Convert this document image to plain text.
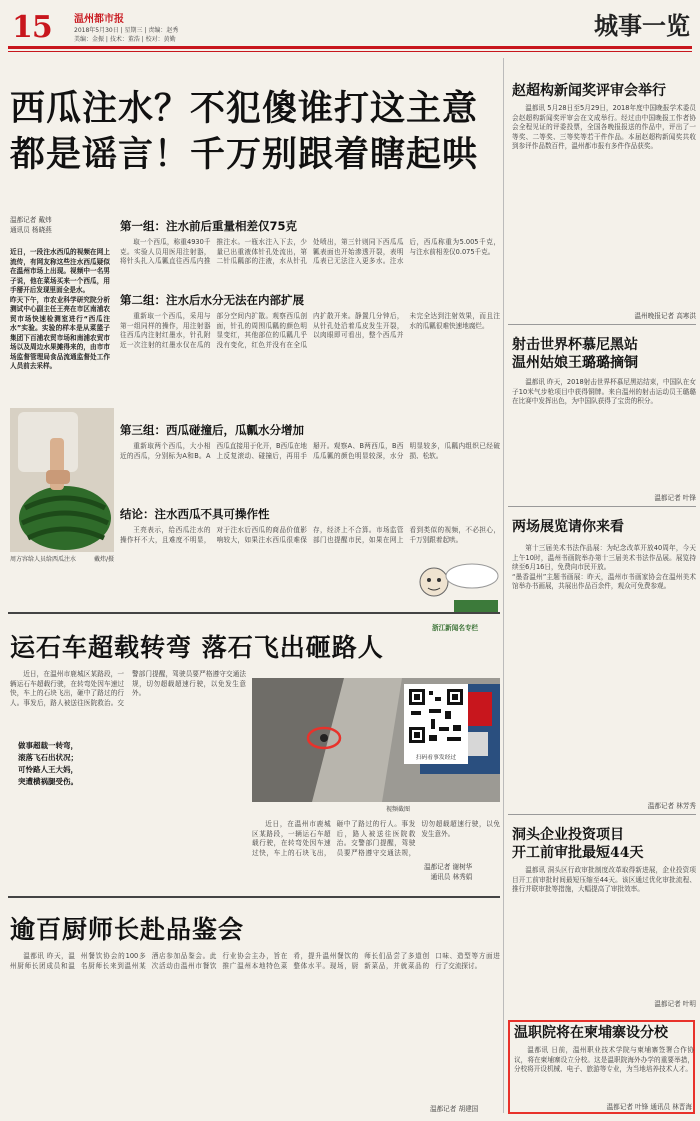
15 温州都市报
2018年5月30日 | 星期三 | 责编：赵秀
美编：金振 | 技术：董浩 | 校对：黄勤	城事一览
西瓜注水？不犯傻谁打这主意
都是谣言！千万别跟着瞎起哄
温都记者 戴炜
通讯员 杨晓燕
近日，一段注水西瓜的视频在网上流传，有网友称这些注水西瓜疑似在温州市场上出现。视频中一名男子说，他在菜场买来一个西瓜，用手掰开后发现里面全是水。
昨天下午，市农业科学研究院分析测试中心副主任王亮在市区南浦农贸市场快速检测室进行“西瓜注水”实验。实验的样本是从菜篮子集团下百浦农贸市场和南浦农贸市场以及周边水果摊得来的，由市市场监督管理局食品流通监督处工作人员前去采样。
周方容给人员给西瓜注水	戴炜/摄
第一组：注水前后重量相差仅75克
取一个西瓜，称重4930千克。实验人员用医用注射器，将针头扎入瓜瓤直往西瓜内推推注水。一瓶水注入下去，少量已出重液体针孔处流出，第二针瓜瓤部的注液，水从针孔处喷出，第三针则同下西瓜瓜瓤表面也开始渗透开裂，表明瓜表已无法注入更多水。注水后，西瓜称重为5.005千克，与注水前相差仅0.075千克。
第二组：注水后水分无法在内部扩展
重新取一个西瓜，采用与第一组同样的操作，用注射器往西瓜内注射红墨水，针孔附近一次注射的红墨水仅在瓜的部分空间内扩散。观察西瓜剖面，针孔的周围瓜瓤的颜色明显变红，其他部位的瓜瓤几乎没有变化，红色并没有在全瓜内扩散开来。静置几分钟后，从针孔处沿着瓜皮发生开裂，以肉眼即可看出，整个西瓜并未完全达到注射效果，而且注水的瓜瓤很难快速地腐烂。
第三组：西瓜碰撞后，瓜瓤水分增加
重新取两个西瓜，大小相近的西瓜，分别标为A和B。A西瓜直接用于化开，B西瓜在地上反复滚动、碰撞后，再用手掰开。观察A、B两西瓜，B西瓜瓜瓤的颜色明显较深，水分明显较多，瓜瓤内组织已经破损、松软。
结论：注水西瓜不具可操作性
王亮表示，给西瓜注水的操作杆不大，且难度不明显，对于注水后西瓜的商品价值影响较大，如果注水西瓜很难保存，经济上不合算。市场监管部门也提醒市民，如果在网上看到类似的视频，不必担心，千万别跟着起哄。
浙江新闻名专栏
运石车超载转弯 落石飞出砸路人
近日，在温州市鹿城区某路段，一辆运石车超载行驶，在转弯处因车速过快，车上的石块飞出，砸中了路过的行人。事发后，路人被送往医院救治。交警部门提醒，驾驶员要严格遵守交通法规，切勿超载超速行驶，以免发生意外。
做事超载一转弯，
滚落飞石出状况；
可怜路人王大妈，
突遭横祸腿受伤。
扫码看事发经过
视频截图
近日，在温州市鹿城区某路段，一辆运石车超载行驶，在转弯处因车速过快，车上的石块飞出，砸中了路过的行人。事发后，路人被送往医院救治。交警部门提醒，驾驶员要严格遵守交通法规，切勿超载超速行驶，以免发生意外。
温都记者 谢树华
通讯员 林秀娟
逾百厨师长赴品鉴会
温都讯 昨天，温州厨师长团成员和温州餐饮协会的100多名厨师长来到温州某酒店参加品鉴会。此次活动由温州市餐饮行业协会主办，旨在推广温州本地特色菜肴，提升温州餐饮的整体水平。现场，厨师长们品尝了多道创新菜品，并就菜品的口味、造型等方面进行了交流探讨。
温都记者 胡建国
赵超构新闻奖评审会举行
温都讯 5月28日至5月29日，2018年度中国晚报学术委员会赵超构新闻奖评审会在文成举行。经过由中国晚报工作者协会全程见证的评委投票，全国各晚报报送的作品中，评出了一等奖、二等奖、三等奖等若干件作品。本届赵超构新闻奖共收到参评作品数百件，温州都市报有多件作品获奖。
温州晚报记者 高寒洪
射击世界杯慕尼黑站
温州姑娘王璐璐摘铜
温都讯 昨天，2018射击世界杯慕尼黑站结束，中国队在女子10米气步枪项目中获得铜牌。来自温州的射击运动员王璐璐在比赛中发挥出色，为中国队获得了宝贵的积分。
温都记者 叶锋
两场展览请你来看
第十三届美术书法作品展：为纪念改革开放40周年，今天上午10时，温州书画院举办第十三届美术书法作品展。展览持续至6月16日，免费向市民开放。
“墨香温州”主题书画展：昨天，温州市书画家协会在温州美术馆举办书画展，共展出作品百余件，观众可免费参观。
温都记者 林芳秀
洞头企业投资项目
开工前审批最短44天
温都讯 洞头区行政审批制度改革取得新进展，企业投资项目开工前审批时间最短压缩至44天。该区通过优化审批流程、推行并联审批等措施，大幅提高了审批效率。
温都记者 叶明
温职院将在柬埔寨设分校
温都讯 日前，温州职业技术学院与柬埔寨签署合作协议，将在柬埔寨设立分校。这是温职院海外办学的重要举措，分校将开设机械、电子、旅游等专业，为当地培养技术人才。
温都记者 叶锋 通讯员 林晋海
